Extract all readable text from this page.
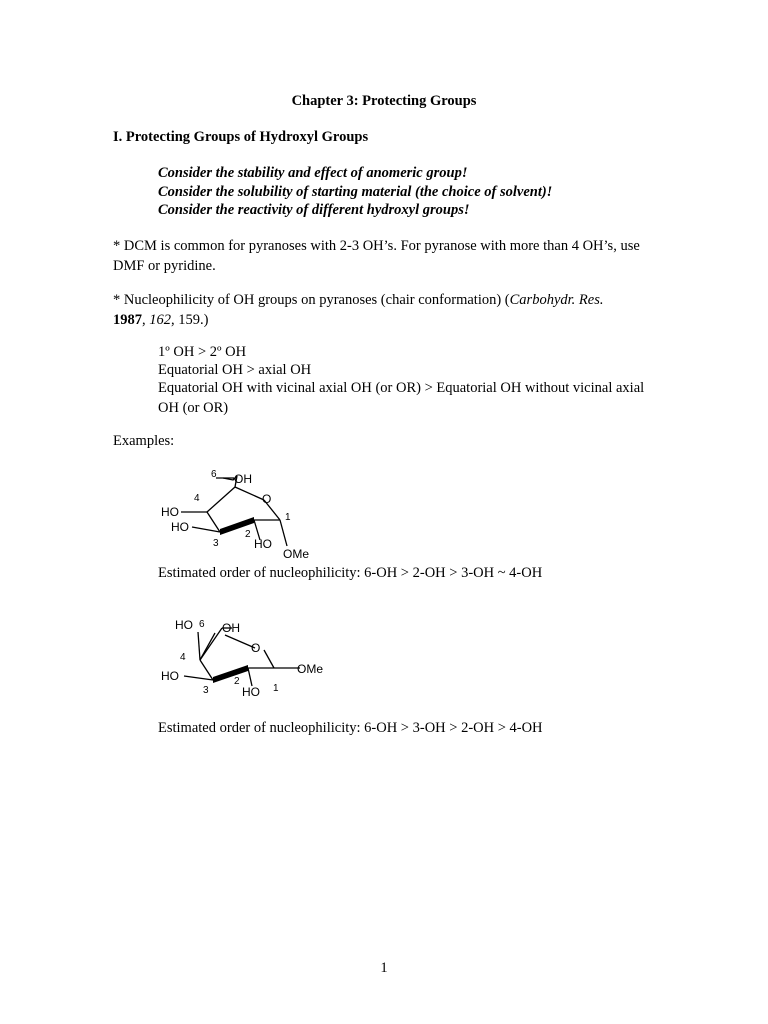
Chapter 3: Protecting Groups
I. Protecting Groups of Hydroxyl Groups
Consider the stability and effect of anomeric group!
Consider the solubility of starting material (the choice of solvent)!
Consider the reactivity of different hydroxyl groups!
* DCM is common for pyranoses with 2-3 OH’s. For pyranose with more than 4 OH’s, use DMF or pyridine.
* Nucleophilicity of OH groups on pyranoses (chair conformation) (Carbohydr. Res.
1987, 162, 159.)
1º OH > 2º OH
Equatorial OH > axial OH
Equatorial OH with vicinal axial OH (or OR) > Equatorial OH without vicinal axial OH (or OR)
Examples:
OH
6
4
HO
O
1
HO
2
3	HO
OMe
HO 6 OH
4
O
OMe
HO	2
1
3	HO
Estimated order of nucleophilicity: 6-OH > 2-OH > 3-OH ~ 4-OH
Estimated order of nucleophilicity: 6-OH > 3-OH > 2-OH > 4-OH
1
